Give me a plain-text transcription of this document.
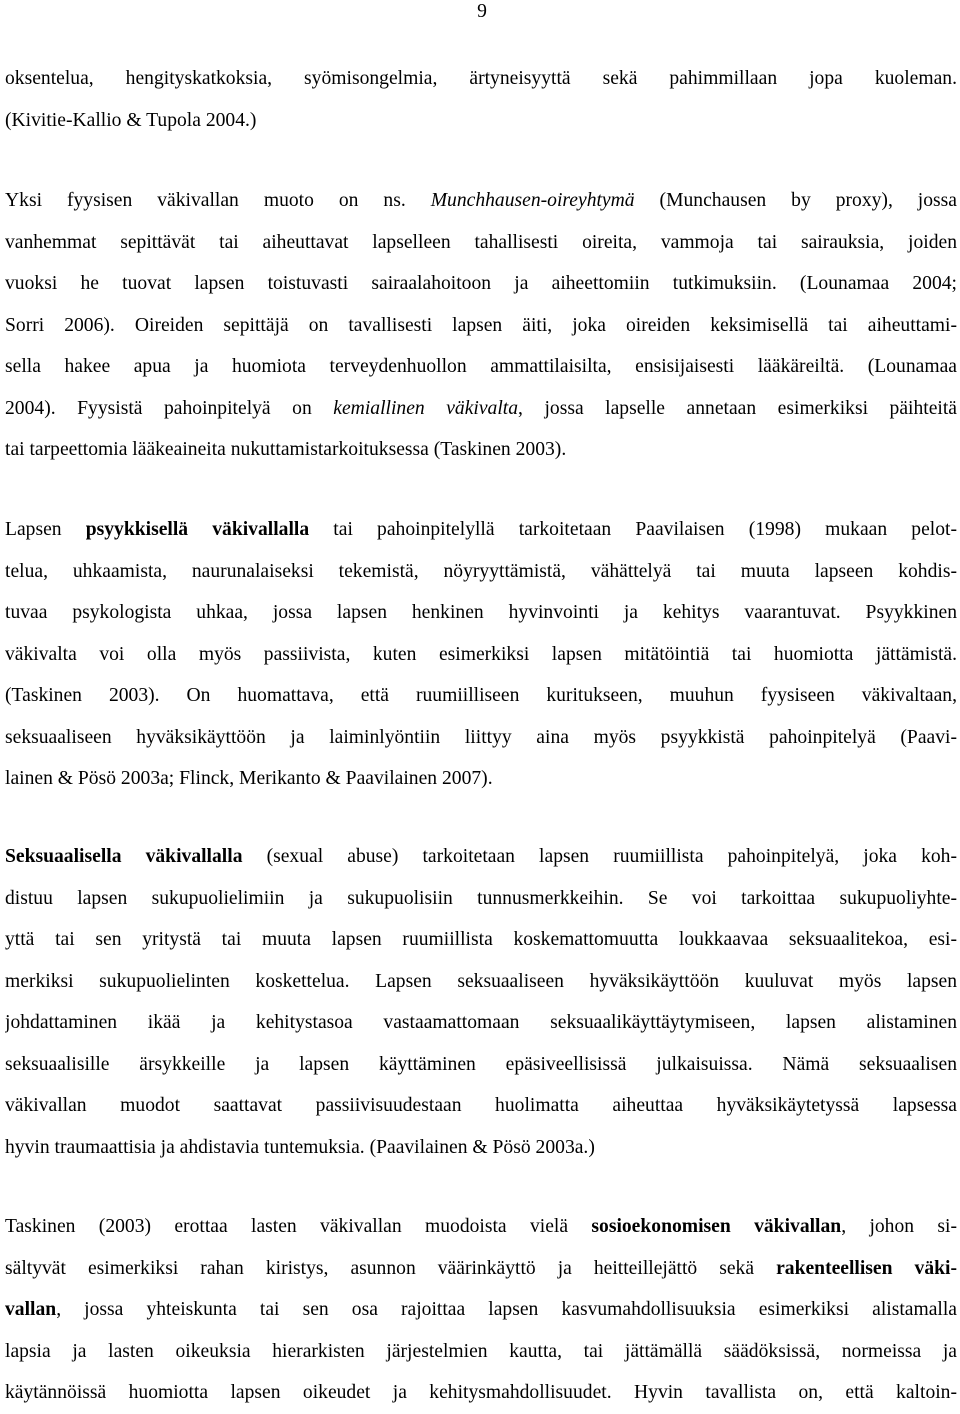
9
oksentelua, hengityskatkoksia, syömisongelmia, ärtyneisyyttä sekä pahimmillaan jopa kuoleman.
(Kivitie-Kallio & Tupola 2004.)
Yksi fyysisen väkivallan muoto on ns. Munchhausen-oireyhtymä (Munchausen by proxy), jossa
vanhemmat sepittävät tai aiheuttavat lapselleen tahallisesti oireita, vammoja tai sairauksia, joiden
vuoksi he tuovat lapsen toistuvasti sairaalahoitoon ja aiheettomiin tutkimuksiin. (Lounamaa 2004;
Sorri 2006). Oireiden sepittäjä on tavallisesti lapsen äiti, joka oireiden keksimisellä tai aiheuttami-
sella hakee apua ja huomiota terveydenhuollon ammattilaisilta, ensisijaisesti lääkäreiltä. (Lounamaa
2004). Fyysistä pahoinpitelyä on kemiallinen väkivalta, jossa lapselle annetaan esimerkiksi päihteitä
tai tarpeettomia lääkeaineita nukuttamistarkoituksessa (Taskinen 2003).
Lapsen psyykkisellä väkivallalla tai pahoinpitelyllä tarkoitetaan Paavilaisen (1998) mukaan pelot-
telua, uhkaamista, naurunalaiseksi tekemistä, nöyryyttämistä, vähättelyä tai muuta lapseen kohdis-
tuvaa psykologista uhkaa, jossa lapsen henkinen hyvinvointi ja kehitys vaarantuvat. Psyykkinen
väkivalta voi olla myös passiivista, kuten esimerkiksi lapsen mitätöintiä tai huomiotta jättämistä.
(Taskinen 2003). On huomattava, että ruumiilliseen kuritukseen, muuhun fyysiseen väkivaltaan,
seksuaaliseen hyväksikäyttöön ja laiminlyöntiin liittyy aina myös psyykkistä pahoinpitelyä (Paavi-
lainen & Pösö 2003a; Flinck, Merikanto & Paavilainen 2007).
Seksuaalisella väkivallalla (sexual abuse) tarkoitetaan lapsen ruumiillista pahoinpitelyä, joka koh-
distuu lapsen sukupuolielimiin ja sukupuolisiin tunnusmerkkeihin. Se voi tarkoittaa sukupuoliyhte-
yttä tai sen yritystä tai muuta lapsen ruumiillista koskemattomuutta loukkaavaa seksuaalitekoa, esi-
merkiksi sukupuolielinten koskettelua. Lapsen seksuaaliseen hyväksikäyttöön kuuluvat myös lapsen
johdattaminen ikää ja kehitystasoa vastaamattomaan seksuaalikäyttäytymiseen, lapsen alistaminen
seksuaalisille ärsykkeille ja lapsen käyttäminen epäsiveellisissä julkaisuissa. Nämä seksuaalisen
väkivallan muodot saattavat passiivisuudestaan huolimatta aiheuttaa hyväksikäytetyssä lapsessa
hyvin traumaattisia ja ahdistavia tuntemuksia. (Paavilainen & Pösö 2003a.)
Taskinen (2003) erottaa lasten väkivallan muodoista vielä sosioekonomisen väkivallan, johon si-
sältyvät esimerkiksi rahan kiristys, asunnon väärinkäyttö ja heitteillejättö sekä rakenteellisen väki-
vallan, jossa yhteiskunta tai sen osa rajoittaa lapsen kasvumahdollisuuksia esimerkiksi alistamalla
lapsia ja lasten oikeuksia hierarkisten järjestelmien kautta, tai jättämällä säädöksissä, normeissa ja
käytännöissä huomiotta lapsen oikeudet ja kehitysmahdollisuudet. Hyvin tavallista on, että kaltoin-
